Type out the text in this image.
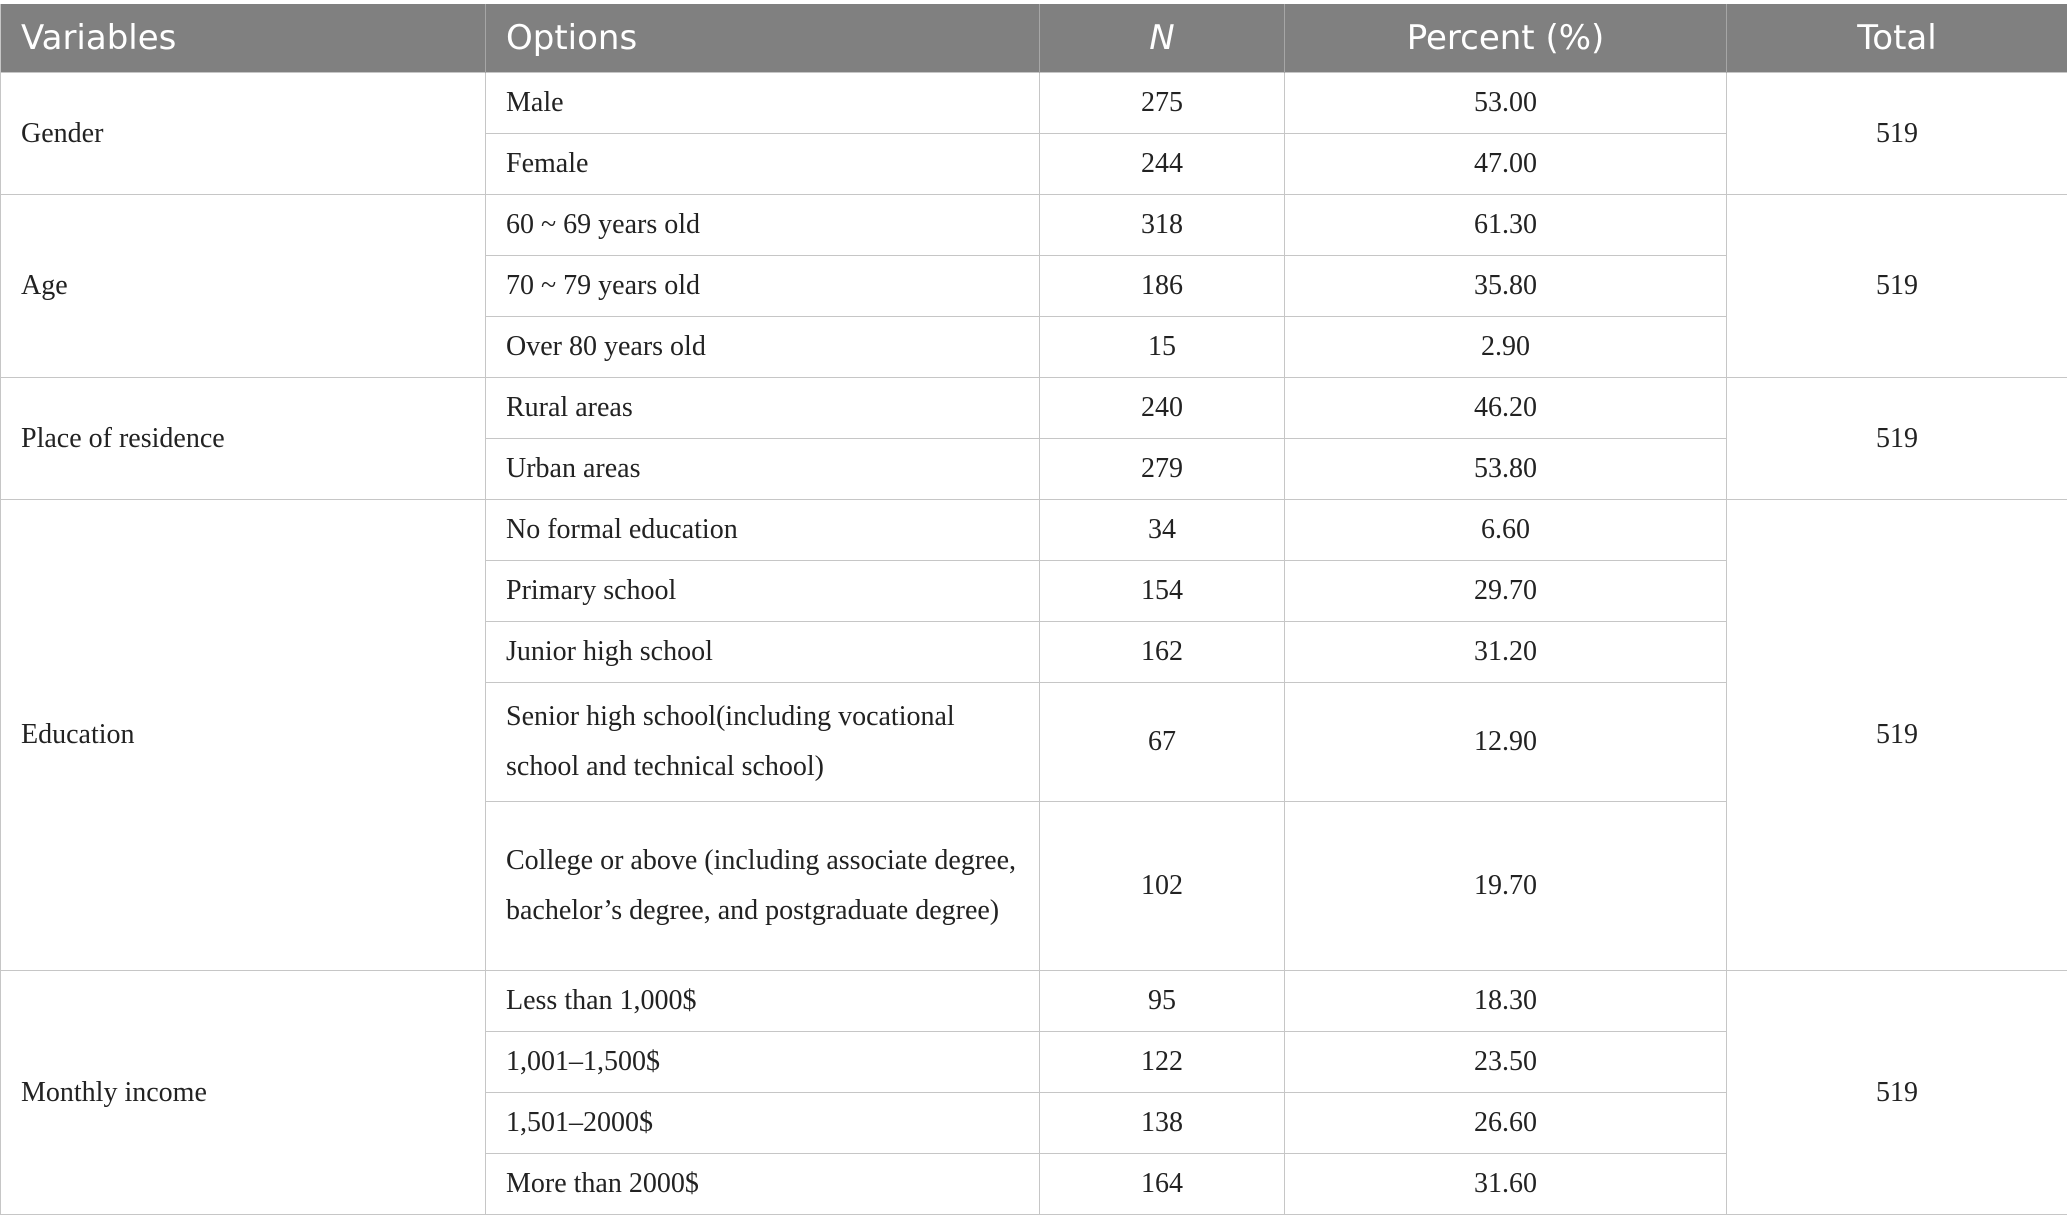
Variables	Options	N	Percent (%)	Total
Gender	Male	275	53.00	519
	Female	244	47.00	
Age	60 ~ 69 years old	318	61.30	519
	70 ~ 79 years old	186	35.80	
	Over 80 years old	15	2.90	
Place of residence	Rural areas	240	46.20	519
	Urban areas	279	53.80	
Education	No formal education	34	6.60	519
	Primary school	154	29.70	
	Junior high school	162	31.20	
	Senior high school(including vocational school and technical school)	67	12.90	
	College or above (including associate degree, bachelor’s degree, and postgraduate degree)	102	19.70	
Monthly income	Less than 1,000$	95	18.30	519
	1,001–1,500$	122	23.50	
	1,501–2000$	138	26.60	
	More than 2000$	164	31.60	
